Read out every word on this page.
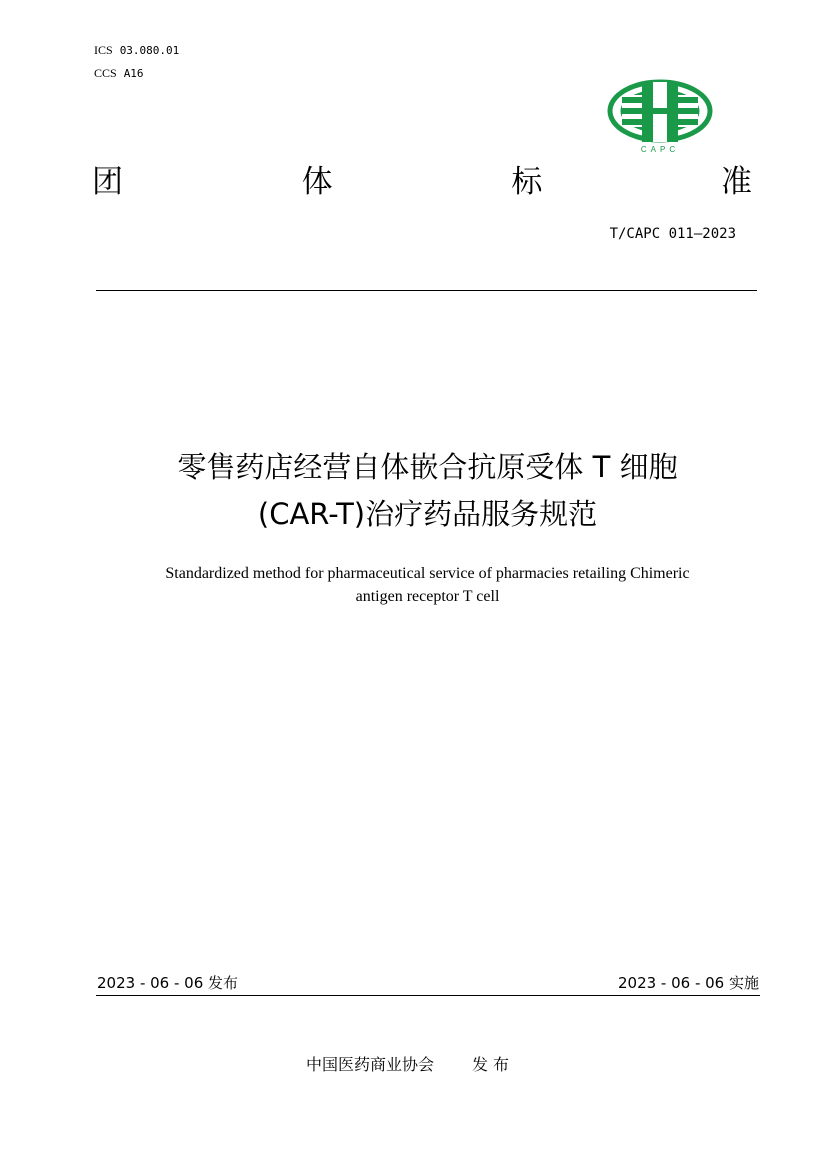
ICS 03.080.01
CCS A16
CAPC
团	体	标	准
T/CAPC 011—2023
零售药店经营自体嵌合抗原受体 T 细胞
(CAR-T)治疗药品服务规范
Standardized method for pharmaceutical service of pharmacies retailing Chimeric
antigen receptor T cell
2023 - 06 - 06 发布	2023 - 06 - 06 实施
中国医药商业协会 发 布
